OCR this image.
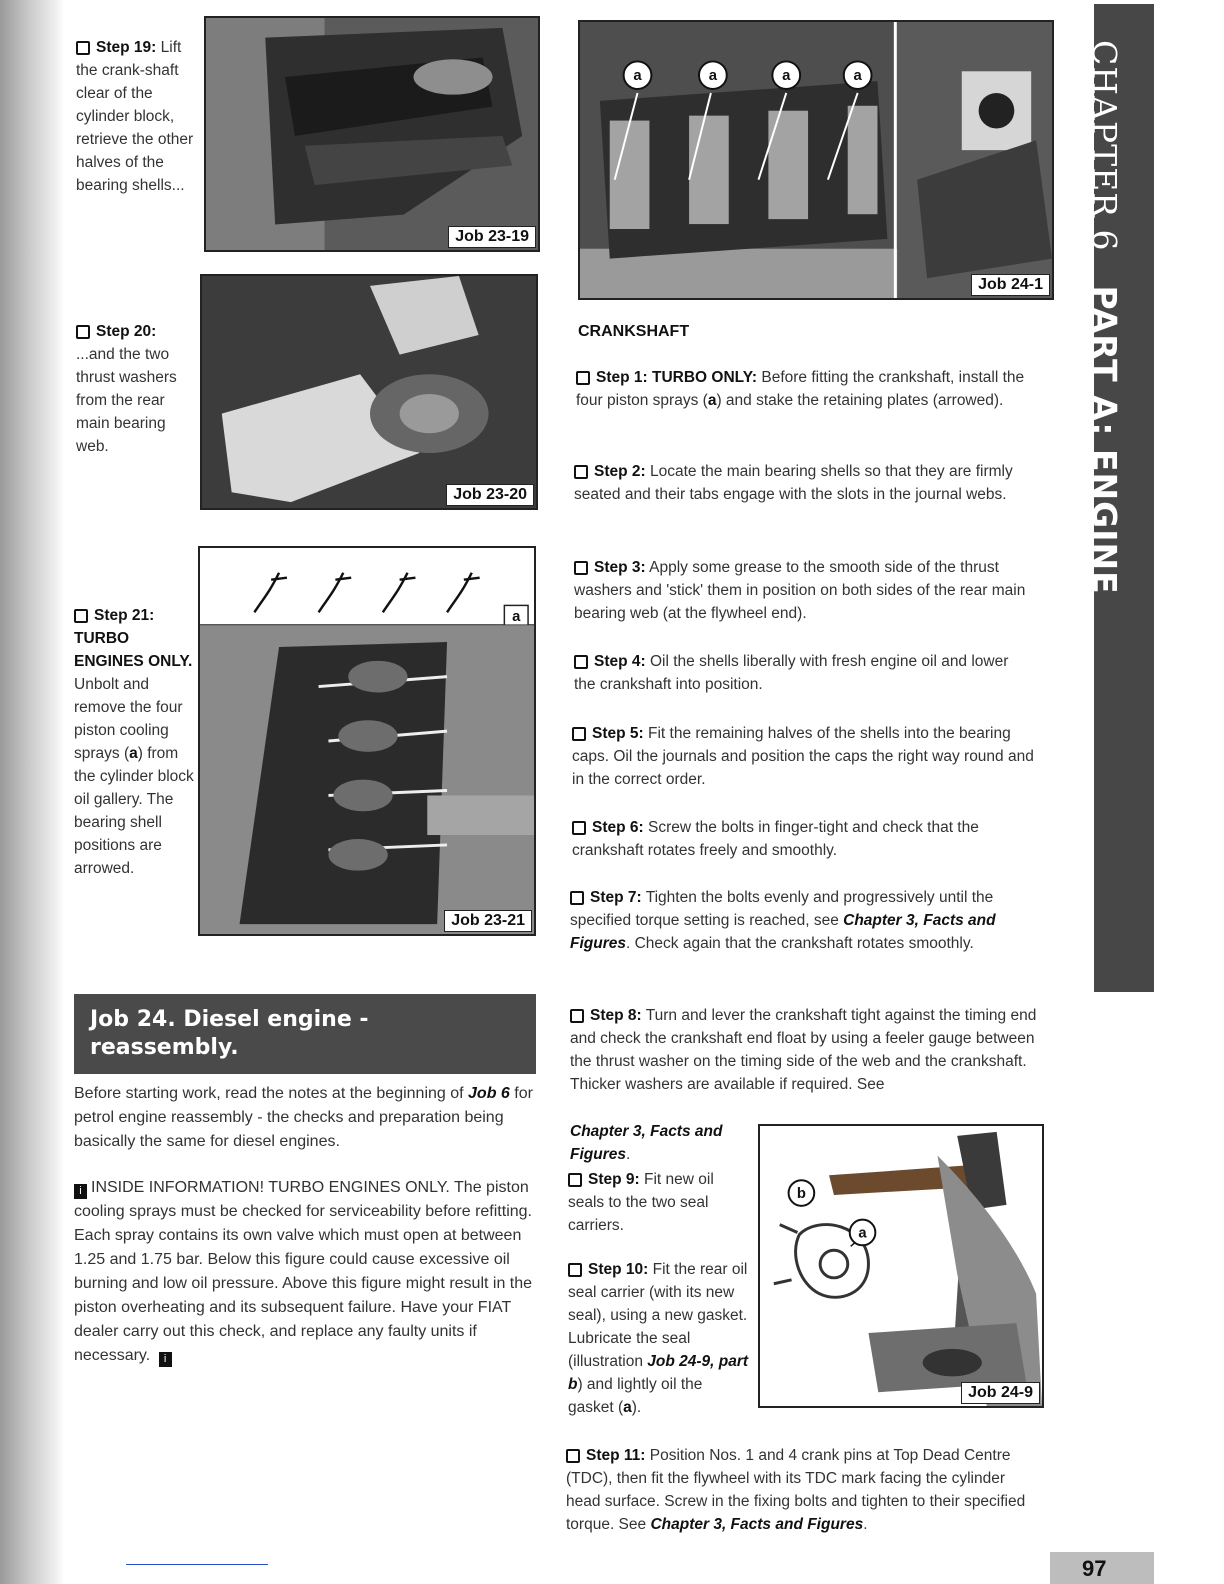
Step 19: Lift the crank-shaft clear of the cylinder block, retrieve the other halves of the bearing shells...
Job 23-19
Step 20: ...and the two thrust washers from the rear main bearing web.
Job 23-20
Step 21: TURBO ENGINES ONLY. Unbolt and remove the four piston cooling sprays (a) from the cylinder block oil gallery. The bearing shell positions are arrowed.
a
Job 23-21
Job 24. Diesel engine - reassembly.
Before starting work, read the notes at the beginning of Job 6 for petrol engine reassembly - the checks and preparation being basically the same for diesel engines.
i INSIDE INFORMATION! TURBO ENGINES ONLY. The piston cooling sprays must be checked for serviceability before refitting. Each spray contains its own valve which must open at between 1.25 and 1.75 bar. Below this figure could cause excessive oil burning and low oil pressure. Above this figure might result in the piston overheating and its subsequent failure. Have your FIAT dealer carry out this check, and replace any faulty units if necessary. i
a	a	a	a
Job 24-1
CRANKSHAFT
Step 1: TURBO ONLY: Before fitting the crankshaft, install the four piston sprays (a) and stake the retaining plates (arrowed).
Step 2: Locate the main bearing shells so that they are firmly seated and their tabs engage with the slots in the journal webs.
Step 3: Apply some grease to the smooth side of the thrust washers and 'stick' them in position on both sides of the rear main bearing web (at the flywheel end).
Step 4: Oil the shells liberally with fresh engine oil and lower the crankshaft into position.
Step 5: Fit the remaining halves of the shells into the bearing caps. Oil the journals and position the caps the right way round and in the correct order.
Step 6: Screw the bolts in finger-tight and check that the crankshaft rotates freely and smoothly.
Step 7: Tighten the bolts evenly and progressively until the specified torque setting is reached, see Chapter 3, Facts and Figures. Check again that the crankshaft rotates smoothly.
Step 8: Turn and lever the crankshaft tight against the timing end and check the crankshaft end float by using a feeler gauge between the thrust washer on the timing side of the web and the crankshaft. Thicker washers are available if required. See
Chapter 3, Facts and Figures.
Step 9: Fit new oil seals to the two seal carriers.
Step 10: Fit the rear oil seal carrier (with its new seal), using a new gasket. Lubricate the seal (illustration Job 24-9, part b) and lightly oil the gasket (a).
b
a
Job 24-9
Step 11: Position Nos. 1 and 4 crank pins at Top Dead Centre (TDC), then fit the flywheel with its TDC mark facing the cylinder head surface. Screw in the fixing bolts and tighten to their specified torque. See Chapter 3, Facts and Figures.
CHAPTER 6PART A: ENGINE
97
